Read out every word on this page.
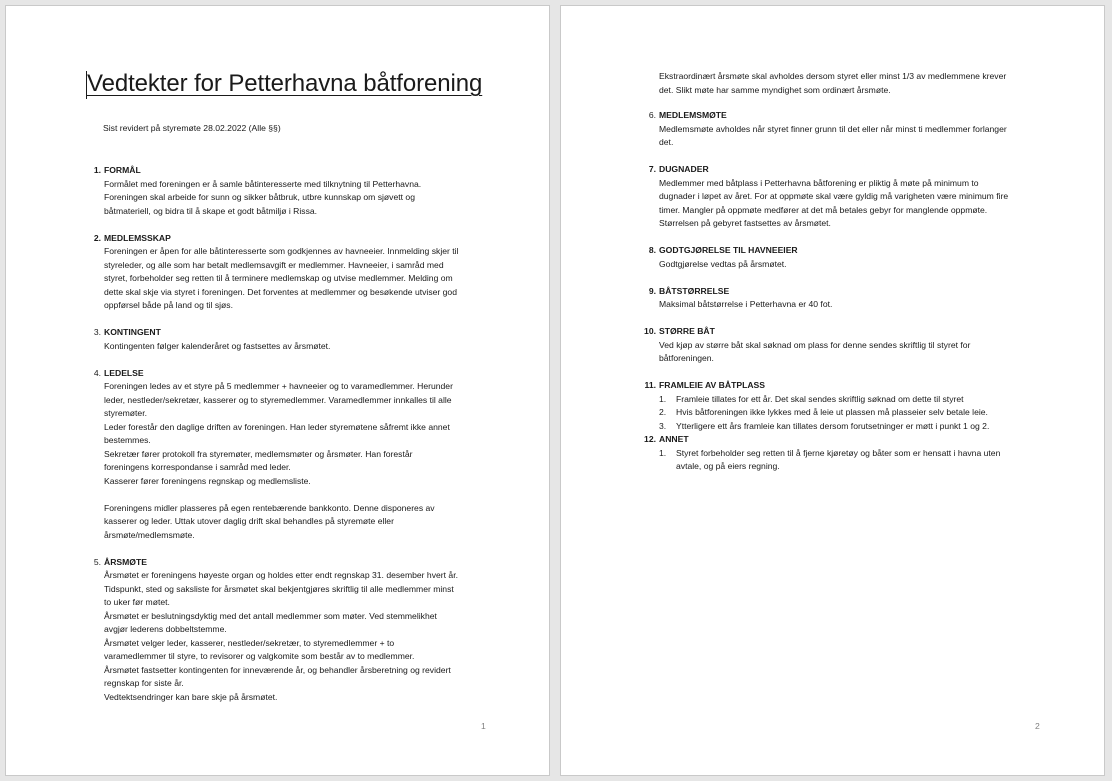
Vedtekter for Petterhavna båtforening
Sist revidert på styremøte 28.02.2022 (Alle §§)
1. FORMÅL

Formålet med foreningen er å samle båtinteresserte med tilknytning til Petterhavna.

Foreningen skal arbeide for sunn og sikker båtbruk, utbre kunnskap om sjøvett og

båtmateriell, og bidra til å skape et godt båtmiljø i Rissa.

2. MEDLEMSSKAP

Foreningen er åpen for alle båtinteresserte som godkjennes av havneeier. Innmelding skjer til

styreleder, og alle som har betalt medlemsavgift er medlemmer. Havneeier, i samråd med

styret, forbeholder seg retten til å terminere medlemskap og utvise medlemmer. Melding om

dette skal skje via styret i foreningen. Det forventes at medlemmer og besøkende utviser god

oppførsel både på land og til sjøs.

3. KONTINGENT

Kontingenten følger kalenderåret og fastsettes av årsmøtet.

4. LEDELSE

Foreningen ledes av et styre på 5 medlemmer + havneeier og to varamedlemmer. Herunder

leder, nestleder/sekretær, kasserer og to styremedlemmer. Varamedlemmer innkalles til alle

styremøter.

Leder forestår den daglige driften av foreningen. Han leder styremøtene såfremt ikke annet

bestemmes.

Sekretær fører protokoll fra styremøter, medlemsmøter og årsmøter. Han forestår

foreningens korrespondanse i samråd med leder.

Kasserer fører foreningens regnskap og medlemsliste.

Foreningens midler plasseres på egen rentebærende bankkonto. Denne disponeres av

kasserer og leder. Uttak utover daglig drift skal behandles på styremøte eller

årsmøte/medlemsmøte.

5. ÅRSMØTE

Årsmøtet er foreningens høyeste organ og holdes etter endt regnskap 31. desember hvert år.

Tidspunkt, sted og saksliste for årsmøtet skal bekjentgjøres skriftlig til alle medlemmer minst

to uker før møtet.

Årsmøtet er beslutningsdyktig med det antall medlemmer som møter. Ved stemmelikhet

avgjør lederens dobbeltstemme.

Årsmøtet velger leder, kasserer, nestleder/sekretær, to styremedlemmer + to

varamedlemmer til styre, to revisorer og valgkomite som består av to medlemmer.

Årsmøtet fastsetter kontingenten for inneværende år, og behandler årsberetning og revidert

regnskap for siste år.

Vedtektsendringer kan bare skje på årsmøtet.

1

Ekstraordinært årsmøte skal avholdes dersom styret eller minst 1/3 av medlemmene krever

det. Slikt møte har samme myndighet som ordinært årsmøte.

6. MEDLEMSMØTE

Medlemsmøte avholdes når styret finner grunn til det eller når minst ti medlemmer forlanger

det.

7. DUGNADER

Medlemmer med båtplass i Petterhavna båtforening er pliktig å møte på minimum to

dugnader i løpet av året. For at oppmøte skal være gyldig må varigheten være minimum fire

timer. Mangler på oppmøte medfører at det må betales gebyr for manglende oppmøte.

Størrelsen på gebyret fastsettes av årsmøtet.

8. GODTGJØRELSE TIL HAVNEEIER

Godtgjørelse vedtas på årsmøtet.

9. BÅTSTØRRELSE

Maksimal båtstørrelse i Petterhavna er 40 fot.

10. STØRRE BÅT

Ved kjøp av større båt skal søknad om plass for denne sendes skriftlig til styret for

båtforeningen.

11. FRAMLEIE AV BÅTPLASS
1.	Framleie tillates for ett år. Det skal sendes skriftlig søknad om dette til styret
2.	Hvis båtforeningen ikke lykkes med å leie ut plassen må plasseier selv betale leie.
3.	Ytterligere ett års framleie kan tillates dersom forutsetninger er møtt i punkt 1 og 2.
12. ANNET
1.	Styret forbeholder seg retten til å fjerne kjøretøy og båter som er hensatt i havna uten
avtale, og på eiers regning.
2
